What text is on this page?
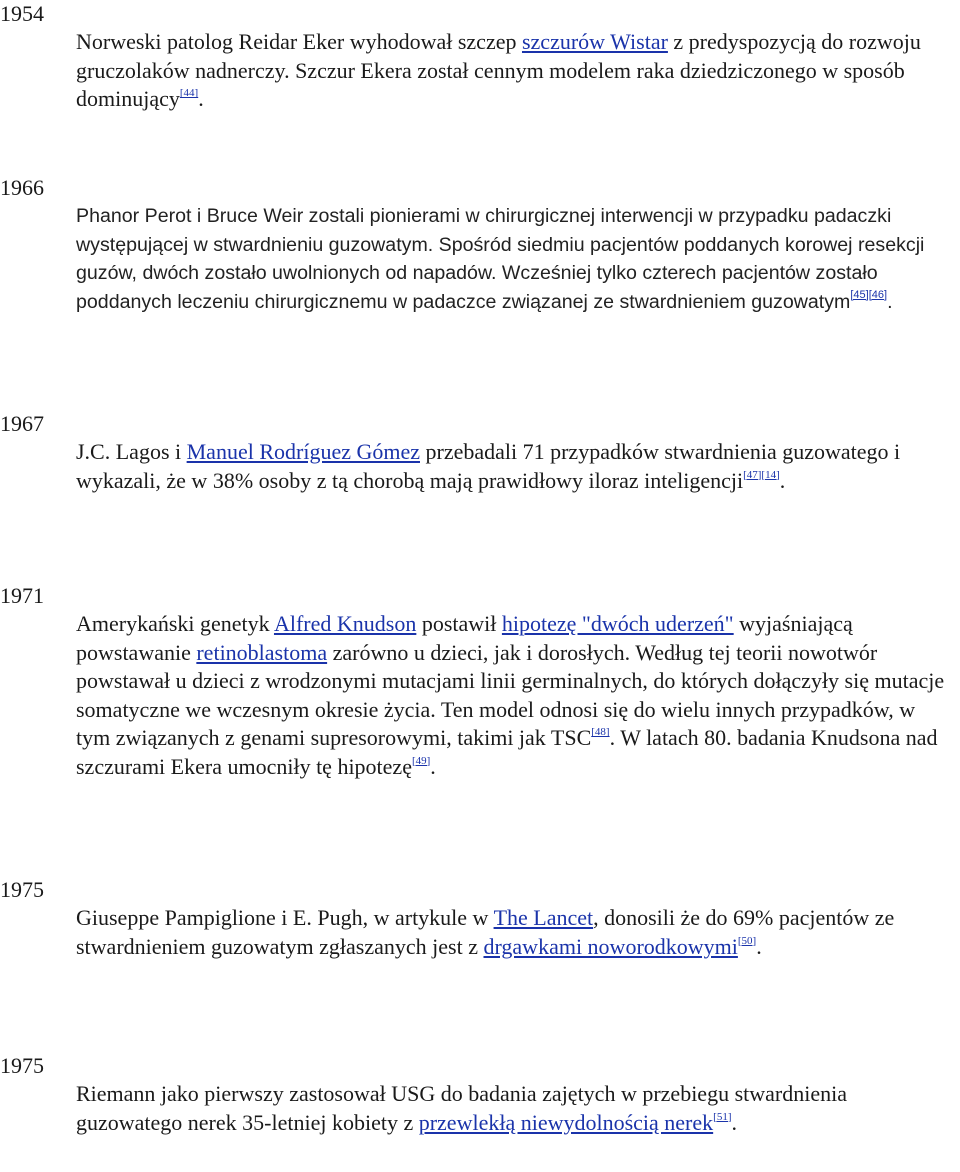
1954

Norweski patolog Reidar Eker wyhodował szczep szczurów Wistar z predyspozycją do rozwoju gruczolaków nadnerczy. Szczur Ekera został cennym modelem raka dziedziczonego w sposób dominujący[44].

1966

Phanor Perot i Bruce Weir zostali pionierami w chirurgicznej interwencji w przypadku padaczki występującej w stwardnieniu guzowatym. Spośród siedmiu pacjentów poddanych korowej resekcji guzów, dwóch zostało uwolnionych od napadów. Wcześniej tylko czterech pacjentów zostało poddanych leczeniu chirurgicznemu w padaczce związanej ze stwardnieniem guzowatym[45][46].

1967

J.C. Lagos i Manuel Rodríguez Gómez przebadali 71 przypadków stwardnienia guzowatego i wykazali, że w 38% osoby z tą chorobą mają prawidłowy iloraz inteligencji[47][14].

1971

Amerykański genetyk Alfred Knudson postawił hipotezę "dwóch uderzeń" wyjaśniającą powstawanie retinoblastoma zarówno u dzieci, jak i dorosłych. Według tej teorii nowotwór powstawał u dzieci z wrodzonymi mutacjami linii germinalnych, do których dołączyły się mutacje somatyczne we wczesnym okresie życia. Ten model odnosi się do wielu innych przypadków, w tym związanych z genami supresorowymi, takimi jak TSC[48]. W latach 80. badania Knudsona nad szczurami Ekera umocniły tę hipotezę[49].

1975

Giuseppe Pampiglione i E. Pugh, w artykule w The Lancet, donosili że do 69% pacjentów ze stwardnieniem guzowatym zgłaszanych jest z drgawkami noworodkowymi[50].

1975

Riemann jako pierwszy zastosował USG do badania zajętych w przebiegu stwardnienia guzowatego nerek 35-letniej kobiety z przewlekłą niewydolnością nerek[51].
